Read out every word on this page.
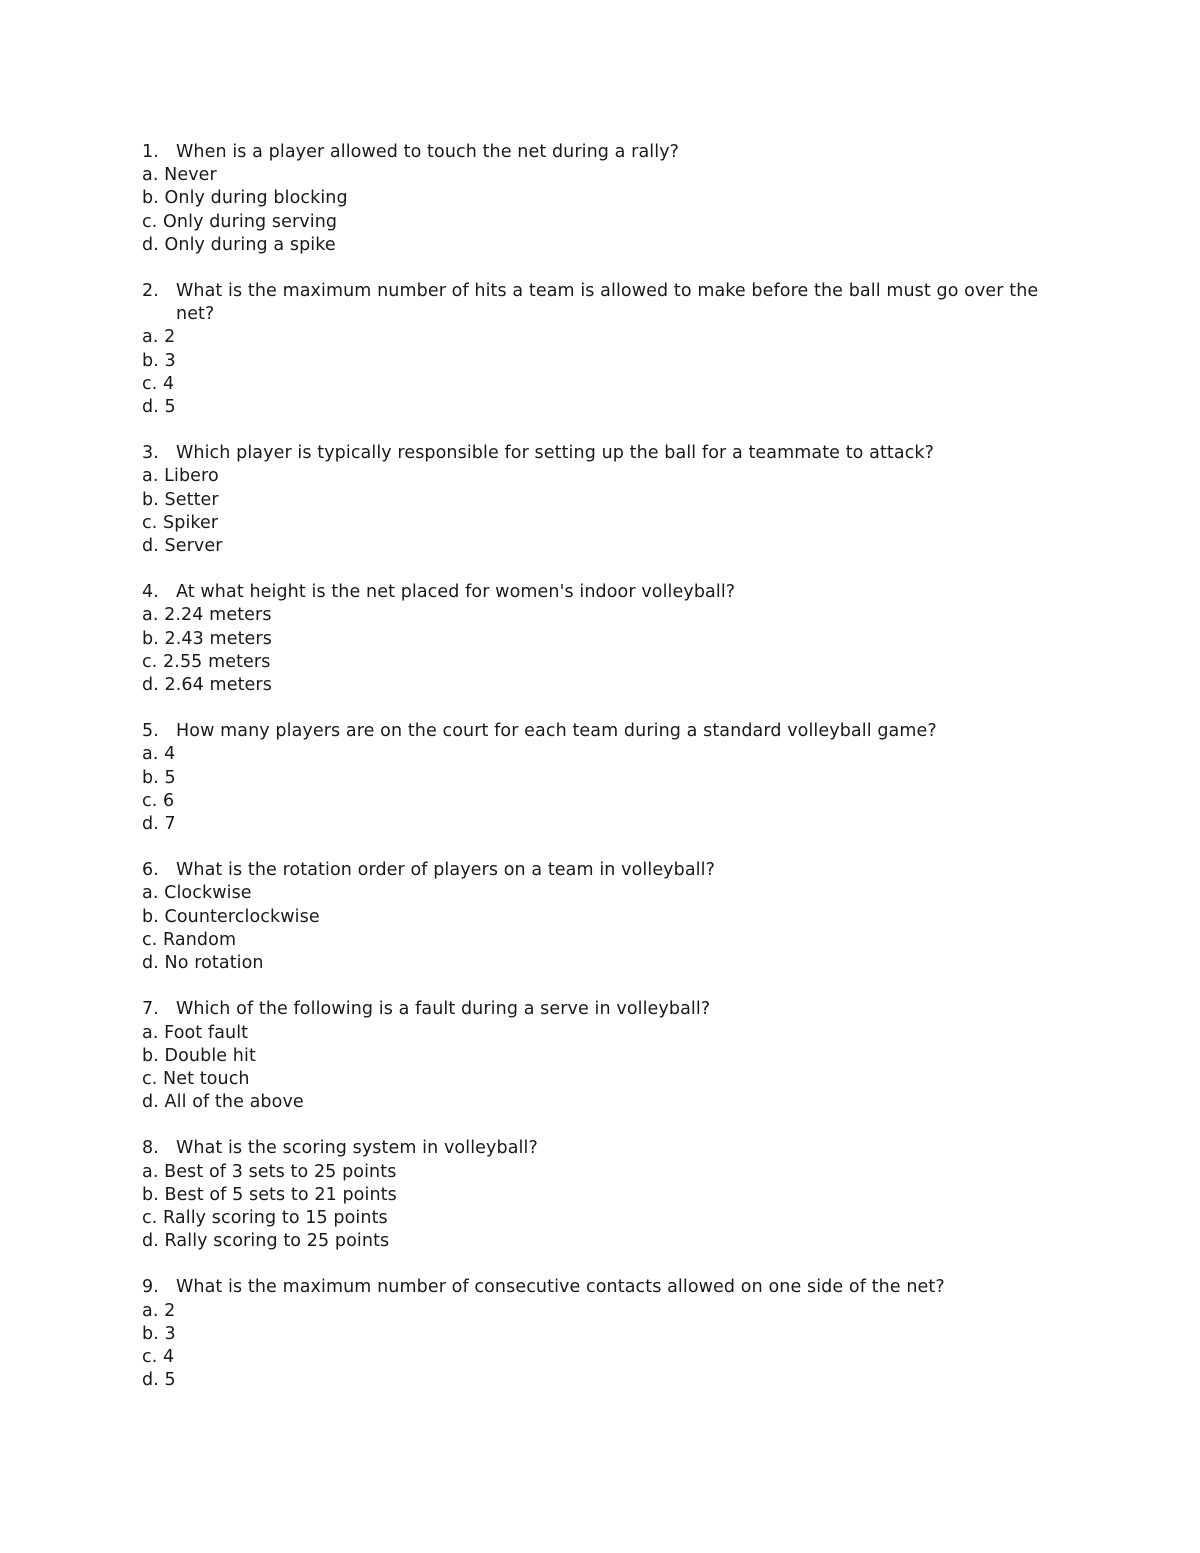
1. When is a player allowed to touch the net during a rally?
a. Never
b. Only during blocking
c. Only during serving
d. Only during a spike
2. What is the maximum number of hits a team is allowed to make before the ball must go over the net?
a. 2
b. 3
c. 4
d. 5
3. Which player is typically responsible for setting up the ball for a teammate to attack?
a. Libero
b. Setter
c. Spiker
d. Server
4. At what height is the net placed for women's indoor volleyball?
a. 2.24 meters
b. 2.43 meters
c. 2.55 meters
d. 2.64 meters
5. How many players are on the court for each team during a standard volleyball game?
a. 4
b. 5
c. 6
d. 7
6. What is the rotation order of players on a team in volleyball?
a. Clockwise
b. Counterclockwise
c. Random
d. No rotation
7. Which of the following is a fault during a serve in volleyball?
a. Foot fault
b. Double hit
c. Net touch
d. All of the above
8. What is the scoring system in volleyball?
a. Best of 3 sets to 25 points
b. Best of 5 sets to 21 points
c. Rally scoring to 15 points
d. Rally scoring to 25 points
9. What is the maximum number of consecutive contacts allowed on one side of the net?
a. 2
b. 3
c. 4
d. 5
